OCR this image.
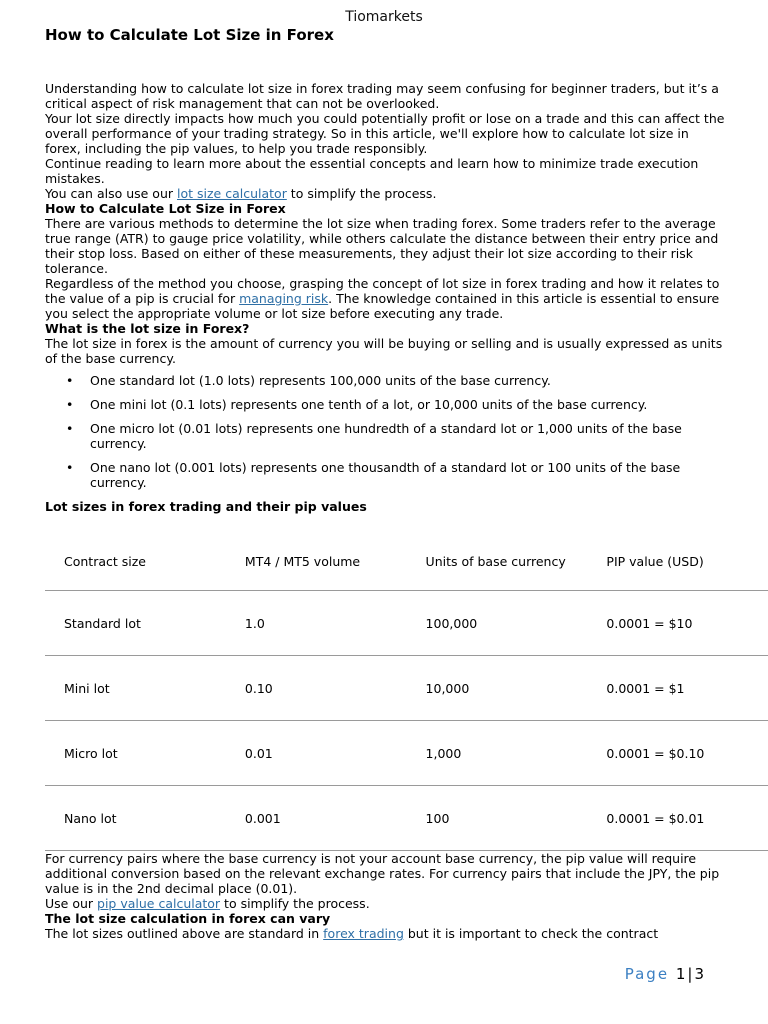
Tiomarkets
How to Calculate Lot Size in Forex

Understanding how to calculate lot size in forex trading may seem confusing for beginner traders, but it’s a critical aspect of risk management that can not be overlooked.

Your lot size directly impacts how much you could potentially profit or lose on a trade and this can affect the overall performance of your trading strategy. So in this article, we'll explore how to calculate lot size in forex, including the pip values, to help you trade responsibly.

Continue reading to learn more about the essential concepts and learn how to minimize trade execution mistakes.

You can also use our lot size calculator to simplify the process.

How to Calculate Lot Size in Forex

There are various methods to determine the lot size when trading forex. Some traders refer to the average true range (ATR) to gauge price volatility, while others calculate the distance between their entry price and their stop loss. Based on either of these measurements, they adjust their lot size according to their risk tolerance.

Regardless of the method you choose, grasping the concept of lot size in forex trading and how it relates to the value of a pip is crucial for managing risk. The knowledge contained in this article is essential to ensure you select the appropriate volume or lot size before executing any trade.

What is the lot size in Forex?

The lot size in forex is the amount of currency you will be buying or selling and is usually expressed as units of the base currency.

• One standard lot (1.0 lots) represents 100,000 units of the base currency.
• One mini lot (0.1 lots) represents one tenth of a lot, or 10,000 units of the base currency.
• One micro lot (0.01 lots) represents one hundredth of a standard lot or 1,000 units of the base currency.
• One nano lot (0.001 lots) represents one thousandth of a standard lot or 100 units of the base currency.

Lot sizes in forex trading and their pip values

Contract size	MT4 / MT5 volume	Units of base currency	PIP value (USD)
Standard lot	1.0	100,000	0.0001 = $10
Mini lot	0.10	10,000	0.0001 = $1
Micro lot	0.01	1,000	0.0001 = $0.10
Nano lot	0.001	100	0.0001 = $0.01

For currency pairs where the base currency is not your account base currency, the pip value will require additional conversion based on the relevant exchange rates. For currency pairs that include the JPY, the pip value is in the 2nd decimal place (0.01).

Use our pip value calculator to simplify the process.

The lot size calculation in forex can vary

The lot sizes outlined above are standard in forex trading but it is important to check the contract

Page 1|3
